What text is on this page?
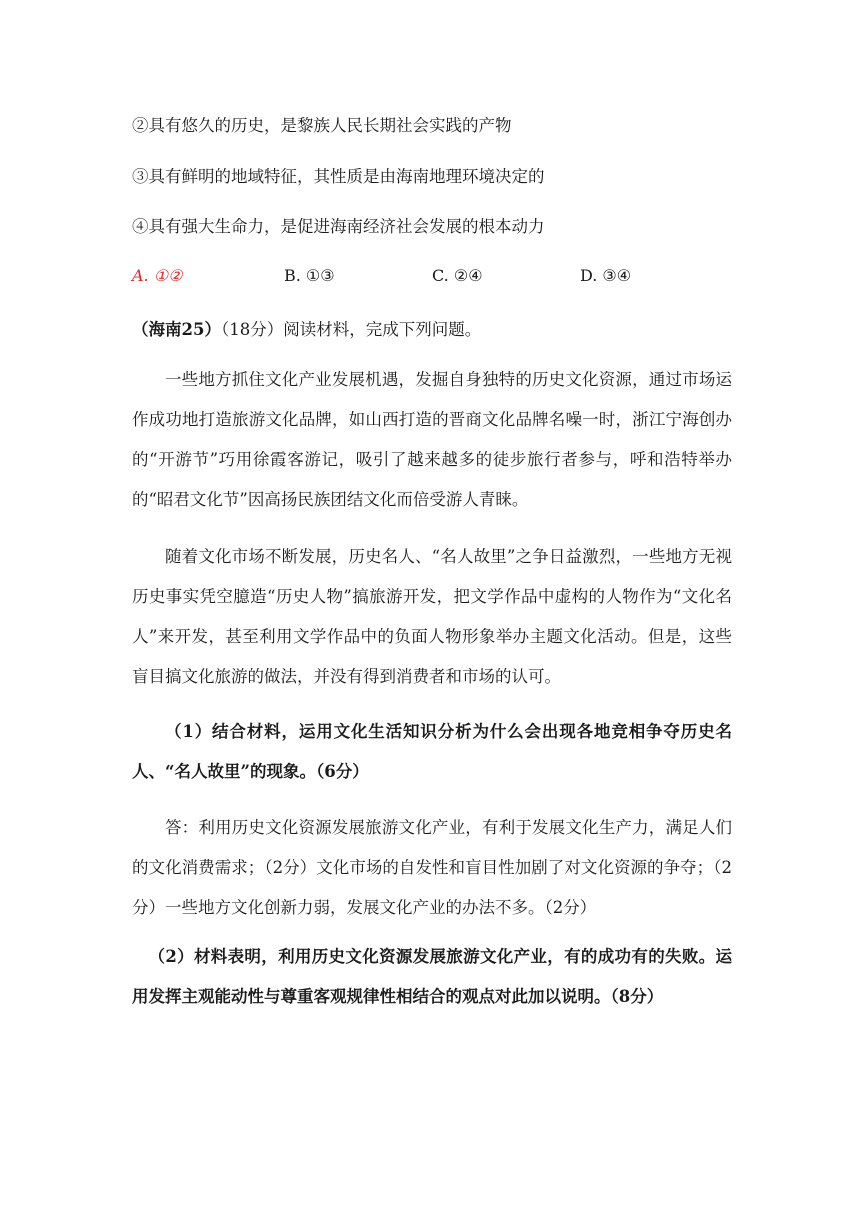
②具有悠久的历史，是黎族人民长期社会实践的产物
③具有鲜明的地域特征，其性质是由海南地理环境决定的
④具有强大生命力，是促进海南经济社会发展的根本动力
A. ①②	B. ①③	C. ②④	D. ③④
（海南25）（18分）阅读材料，完成下列问题。
一些地方抓住文化产业发展机遇，发掘自身独特的历史文化资源，通过市场运作成功地打造旅游文化品牌，如山西打造的晋商文化品牌名噪一时，浙江宁海创办的“开游节”巧用徐霞客游记，吸引了越来越多的徒步旅行者参与，呼和浩特举办的“昭君文化节”因高扬民族团结文化而倍受游人青睐。
随着文化市场不断发展，历史名人、“名人故里”之争日益激烈，一些地方无视历史事实凭空臆造“历史人物”搞旅游开发，把文学作品中虚构的人物作为“文化名人”来开发，甚至利用文学作品中的负面人物形象举办主题文化活动。但是，这些盲目搞文化旅游的做法，并没有得到消费者和市场的认可。
（1）结合材料，运用文化生活知识分析为什么会出现各地竞相争夺历史名人、“名人故里”的现象。（6分）
答：利用历史文化资源发展旅游文化产业，有利于发展文化生产力，满足人们的文化消费需求；（2分）文化市场的自发性和盲目性加剧了对文化资源的争夺；（2分）一些地方文化创新力弱，发展文化产业的办法不多。（2分）
（2）材料表明，利用历史文化资源发展旅游文化产业，有的成功有的失败。运用发挥主观能动性与尊重客观规律性相结合的观点对此加以说明。（8分）
